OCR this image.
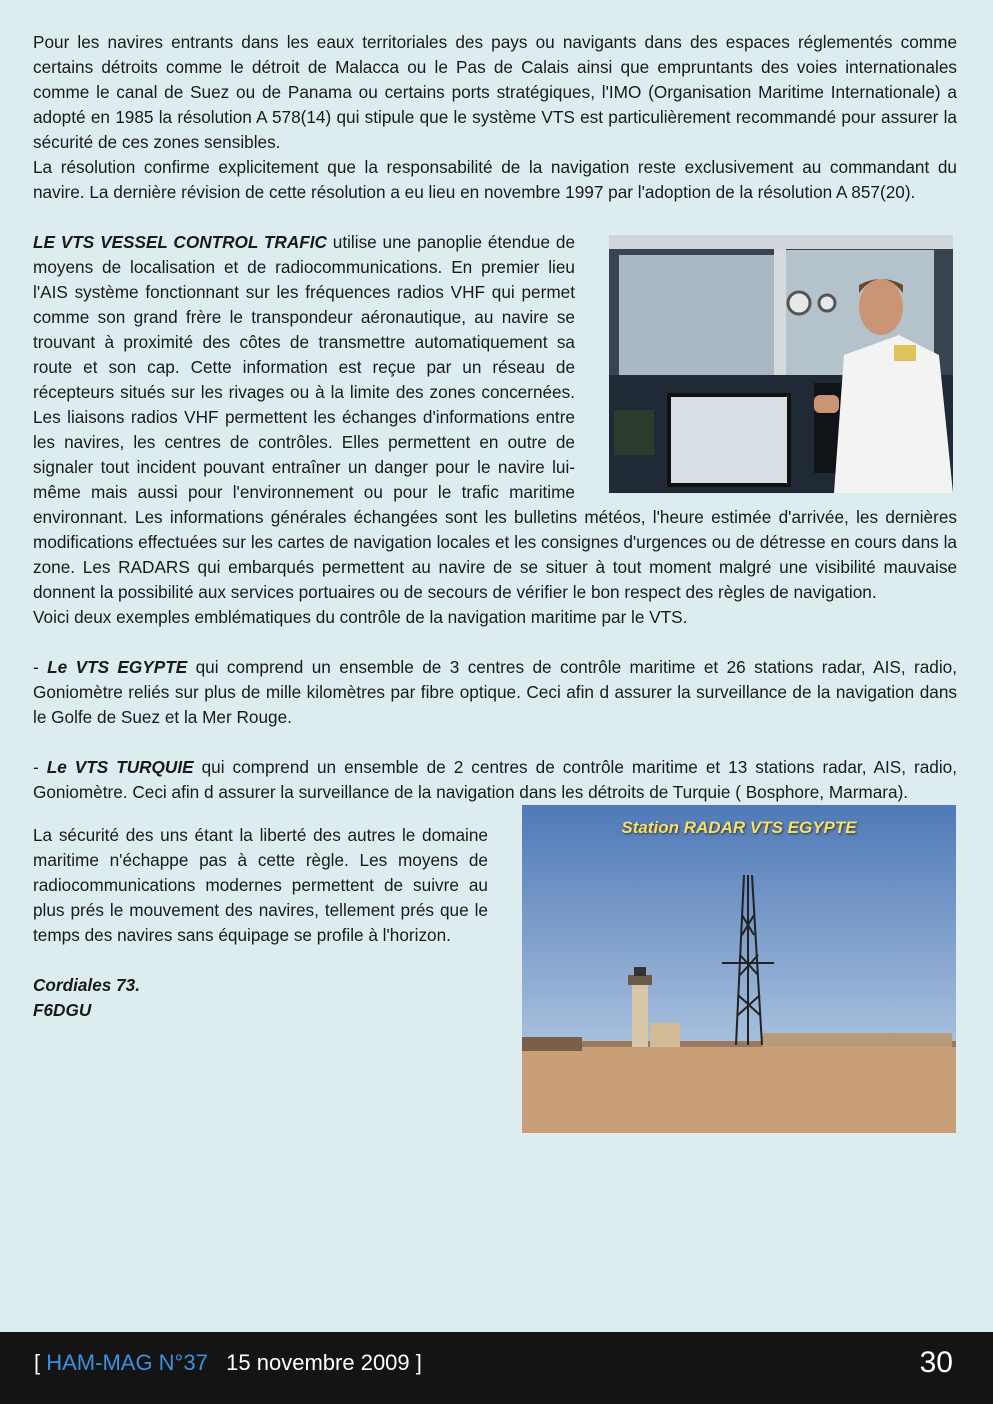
Pour les navires entrants dans les eaux territoriales des pays ou navigants dans des espaces réglementés comme certains détroits comme le détroit de Malacca ou le Pas de Calais ainsi que empruntants des voies internationales comme le canal de Suez ou de Panama ou certains ports stratégiques, l'IMO (Organisation Maritime Internationale) a adopté en 1985 la résolution A 578(14) qui stipule que le système VTS est particulièrement recommandé pour assurer la sécurité de ces zones sensibles.

La résolution confirme explicitement que la responsabilité de la navigation reste exclusivement au commandant du navire. La dernière révision de cette résolution a eu lieu en novembre 1997 par l'adoption de la résolution A 857(20).

LE VTS VESSEL CONTROL TRAFIC utilise une panoplie étendue de moyens de localisation et de radiocommunications. En premier lieu l'AIS système fonctionnant sur les fréquences radios VHF qui permet comme son grand frère le transpondeur aéronautique, au navire se trouvant à proximité des côtes de transmettre automatiquement sa route et son cap. Cette information est reçue par un réseau de récepteurs situés sur les rivages ou à la limite des zones concernées. Les liaisons radios VHF permettent les échanges d'informations entre les navires, les centres de contrôles. Elles permettent en outre de signaler tout incident pouvant entraîner un danger pour le navire lui-même mais aussi pour l'environnement ou pour le trafic maritime environnant. Les informations générales échangées sont les bulletins météos, l'heure estimée d'arrivée, les dernières modifications effectuées sur les cartes de navigation locales et les consignes d'urgences ou de détresse en cours dans la zone. Les RADARS qui embarqués permettent au navire de se situer à tout moment malgré une visibilité mauvaise donnent la possibilité aux services portuaires ou de secours de vérifier le bon respect des règles de navigation.

Voici deux exemples emblématiques du contrôle de la navigation maritime par le VTS.

- Le VTS EGYPTE qui comprend un ensemble de 3 centres de contrôle maritime et 26 stations radar, AIS, radio, Goniomètre reliés sur plus de mille kilomètres par fibre optique. Ceci afin d assurer la surveillance de la navigation dans le Golfe de Suez et la Mer Rouge.

- Le VTS TURQUIE qui comprend un ensemble de 2 centres de contrôle maritime et 13 stations radar, AIS, radio, Goniomètre. Ceci afin d assurer la surveillance de la navigation dans les détroits de Turquie ( Bosphore, Marmara).

Station RADAR VTS EGYPTE

La sécurité des uns étant la liberté des autres le domaine maritime n'échappe pas à cette règle. Les moyens de radiocommunications modernes permettent de suivre au plus prés le mouvement des navires, tellement prés que le temps des navires sans équipage se profile à l'horizon.

Cordiales 73.

F6DGU

[ HAM-MAG N°37   15 novembre 2009 ]	30
